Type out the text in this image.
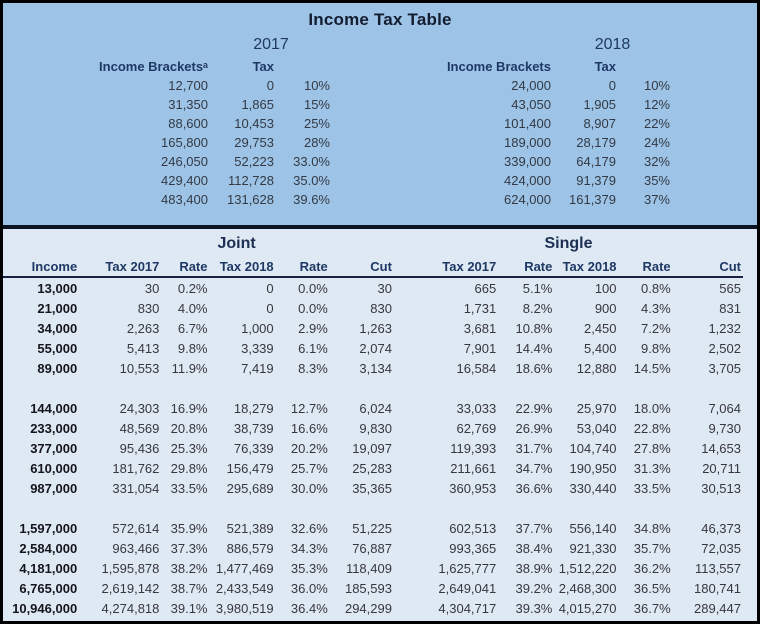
Income Tax Table
	2017	
Income Bracketsᵃ	Tax	
12,700	0	10%
31,350	1,865	15%
88,600	10,453	25%
165,800	29,753	28%
246,050	52,223	33.0%
429,400	112,728	35.0%
483,400	131,628	39.6%
	2018	
Income Brackets	Tax	
24,000	0	10%
43,050	1,905	12%
101,400	8,907	22%
189,000	28,179	24%
339,000	64,179	32%
424,000	91,379	35%
624,000	161,379	37%
	Joint					Single				
Income	Tax 2017	Rate	Tax 2018	Rate	Cut	Tax 2017	Rate	Tax 2018	Rate	Cut
13,000	30	0.2%	0	0.0%	30	665	5.1%	100	0.8%	565
21,000	830	4.0%	0	0.0%	830	1,731	8.2%	900	4.3%	831
34,000	2,263	6.7%	1,000	2.9%	1,263	3,681	10.8%	2,450	7.2%	1,232
55,000	5,413	9.8%	3,339	6.1%	2,074	7,901	14.4%	5,400	9.8%	2,502
89,000	10,553	11.9%	7,419	8.3%	3,134	16,584	18.6%	12,880	14.5%	3,705

144,000	24,303	16.9%	18,279	12.7%	6,024	33,033	22.9%	25,970	18.0%	7,064
233,000	48,569	20.8%	38,739	16.6%	9,830	62,769	26.9%	53,040	22.8%	9,730
377,000	95,436	25.3%	76,339	20.2%	19,097	119,393	31.7%	104,740	27.8%	14,653
610,000	181,762	29.8%	156,479	25.7%	25,283	211,661	34.7%	190,950	31.3%	20,711
987,000	331,054	33.5%	295,689	30.0%	35,365	360,953	36.6%	330,440	33.5%	30,513

1,597,000	572,614	35.9%	521,389	32.6%	51,225	602,513	37.7%	556,140	34.8%	46,373
2,584,000	963,466	37.3%	886,579	34.3%	76,887	993,365	38.4%	921,330	35.7%	72,035
4,181,000	1,595,878	38.2%	1,477,469	35.3%	118,409	1,625,777	38.9%	1,512,220	36.2%	113,557
6,765,000	2,619,142	38.7%	2,433,549	36.0%	185,593	2,649,041	39.2%	2,468,300	36.5%	180,741
10,946,000	4,274,818	39.1%	3,980,519	36.4%	294,299	4,304,717	39.3%	4,015,270	36.7%	289,447
